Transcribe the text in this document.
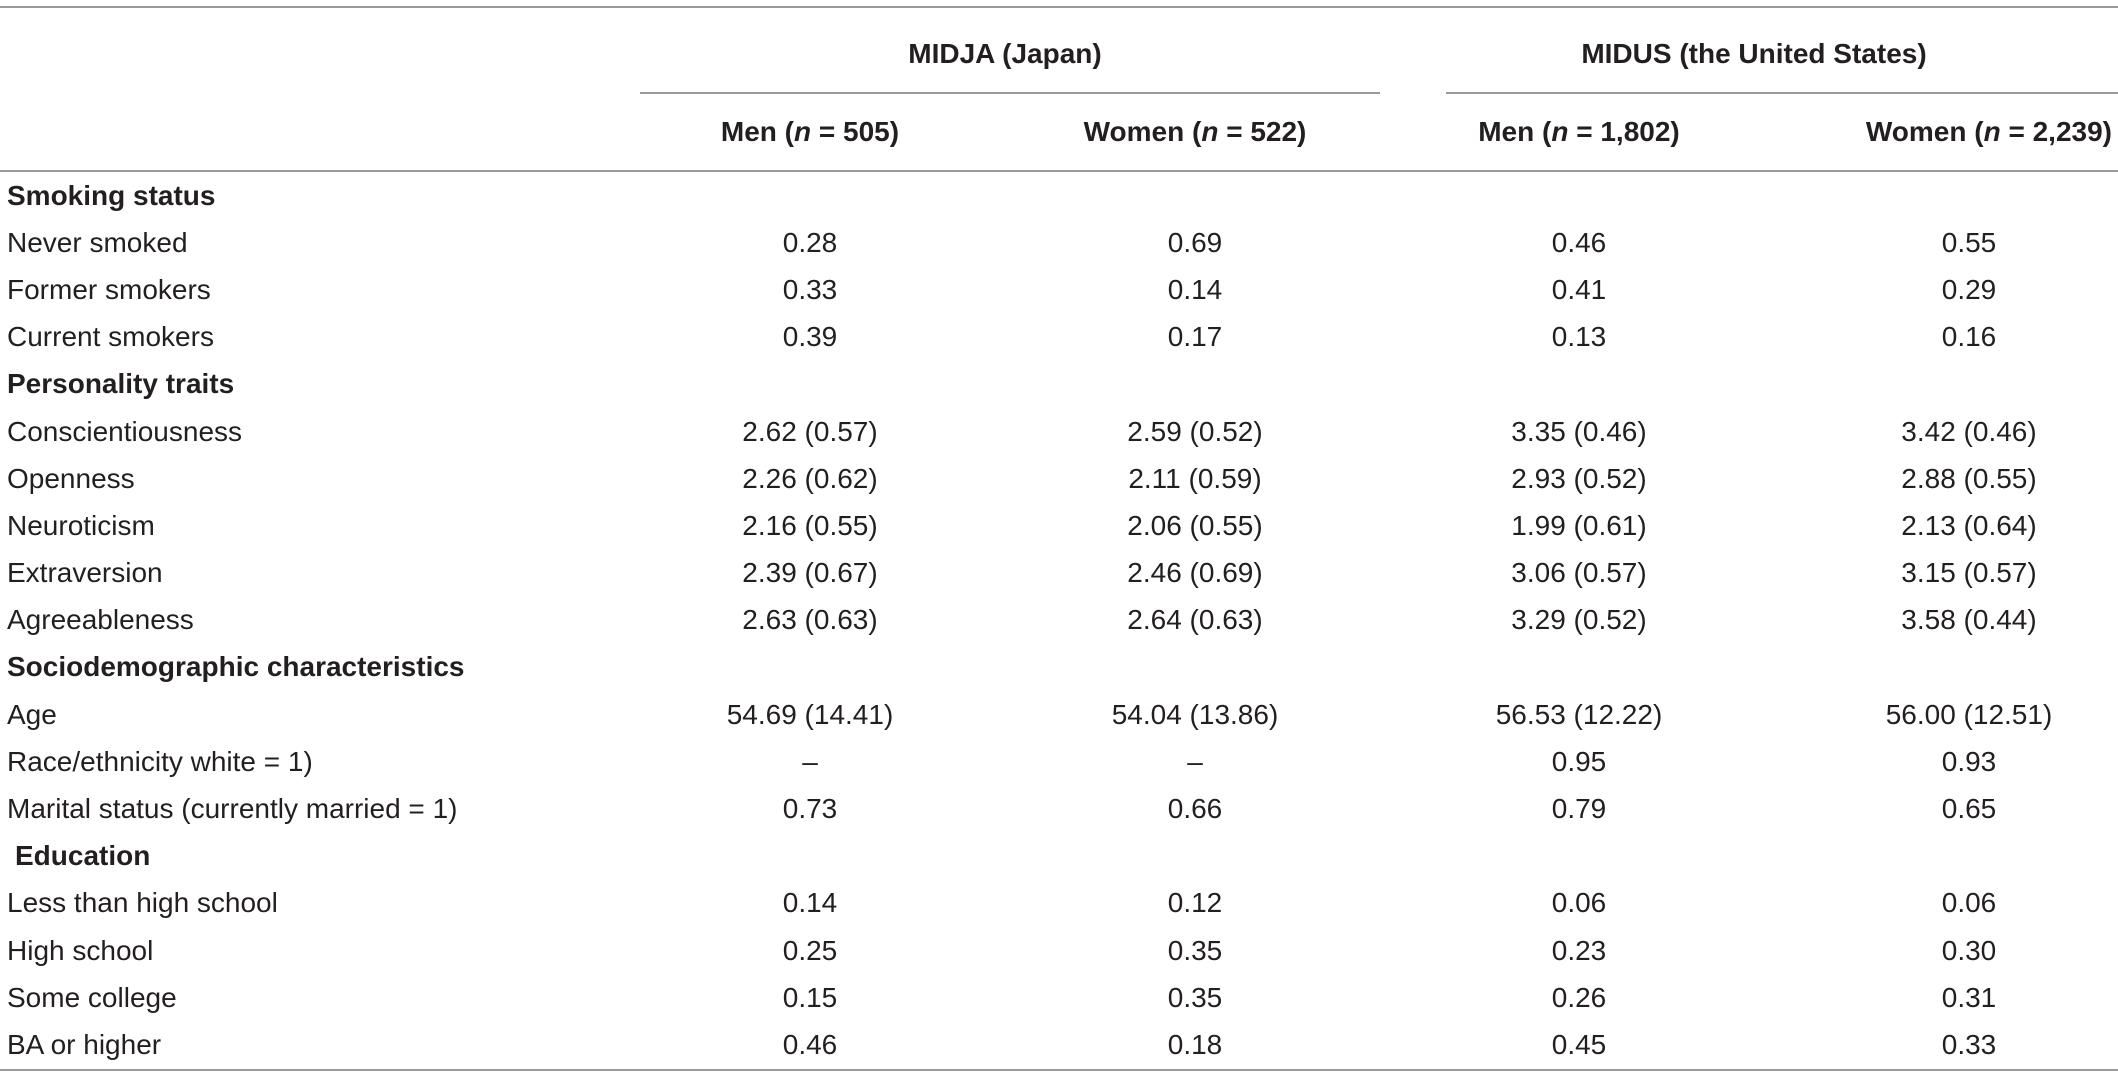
	MIDJA (Japan)		MIDUS (the United States)	

	Men (n = 505)	Women (n = 522)	Men (n = 1,802)	Women (n = 2,239)

Smoking status				
Never smoked	0.28	0.69	0.46	0.55
Former smokers	0.33	0.14	0.41	0.29
Current smokers	0.39	0.17	0.13	0.16
Personality traits				
Conscientiousness	2.62 (0.57)	2.59 (0.52)	3.35 (0.46)	3.42 (0.46)
Openness	2.26 (0.62)	2.11 (0.59)	2.93 (0.52)	2.88 (0.55)
Neuroticism	2.16 (0.55)	2.06 (0.55)	1.99 (0.61)	2.13 (0.64)
Extraversion	2.39 (0.67)	2.46 (0.69)	3.06 (0.57)	3.15 (0.57)
Agreeableness	2.63 (0.63)	2.64 (0.63)	3.29 (0.52)	3.58 (0.44)
Sociodemographic characteristics				
Age	54.69 (14.41)	54.04 (13.86)	56.53 (12.22)	56.00 (12.51)
Race/ethnicity white = 1)	–	–	0.95	0.93
Marital status (currently married = 1)	0.73	0.66	0.79	0.65
Education				
Less than high school	0.14	0.12	0.06	0.06
High school	0.25	0.35	0.23	0.30
Some college	0.15	0.35	0.26	0.31
BA or higher	0.46	0.18	0.45	0.33
